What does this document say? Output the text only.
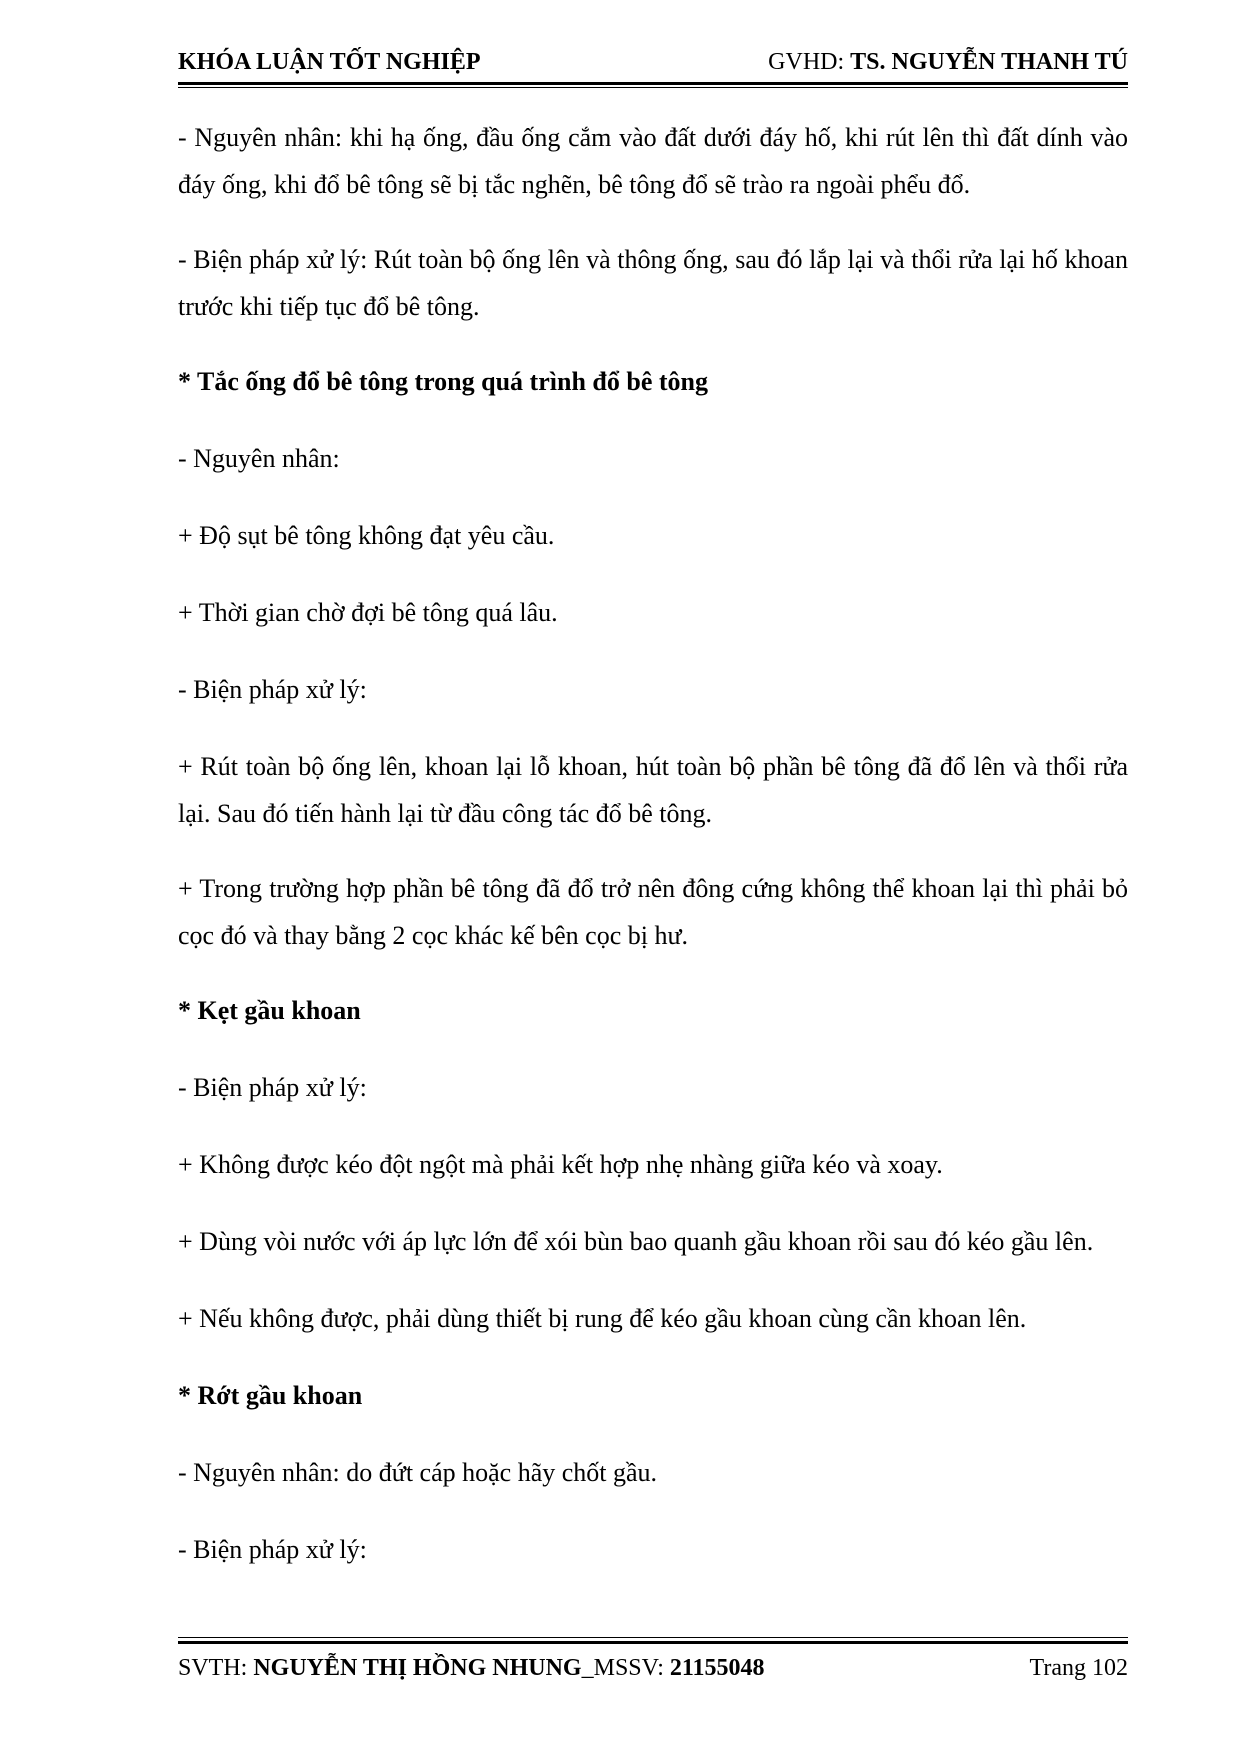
KHÓA LUẬN TỐT NGHIỆP	GVHD: TS. NGUYỄN THANH TÚ

- Nguyên nhân: khi hạ ống, đầu ống cắm vào đất dưới đáy hố, khi rút lên thì đất dính vào đáy ống, khi đổ bê tông sẽ bị tắc nghẽn, bê tông đổ sẽ trào ra ngoài phểu đổ.

- Biện pháp xử lý: Rút toàn bộ ống lên và thông ống, sau đó lắp lại và thổi rửa lại hố khoan trước khi tiếp tục đổ bê tông.

* Tắc ống đổ bê tông trong quá trình đổ bê tông

- Nguyên nhân:

+ Độ sụt bê tông không đạt yêu cầu.

+ Thời gian chờ đợi bê tông quá lâu.

- Biện pháp xử lý:

+ Rút toàn bộ ống lên, khoan lại lỗ khoan, hút toàn bộ phần bê tông đã đổ lên và thổi rửa lại. Sau đó tiến hành lại từ đầu công tác đổ bê tông.

+ Trong trường hợp phần bê tông đã đổ trở nên đông cứng không thể khoan lại thì phải bỏ cọc đó và thay bằng 2 cọc khác kế bên cọc bị hư.

* Kẹt gầu khoan

- Biện pháp xử lý:

+ Không được kéo đột ngột mà phải kết hợp nhẹ nhàng giữa kéo và xoay.

+ Dùng vòi nước với áp lực lớn để xói bùn bao quanh gầu khoan rồi sau đó kéo gầu lên.

+ Nếu không được, phải dùng thiết bị rung để kéo gầu khoan cùng cần khoan lên.

* Rớt gầu khoan

- Nguyên nhân: do đứt cáp hoặc hãy chốt gầu.

- Biện pháp xử lý:

SVTH: NGUYỄN THỊ HỒNG NHUNG_MSSV: 21155048	Trang 102
